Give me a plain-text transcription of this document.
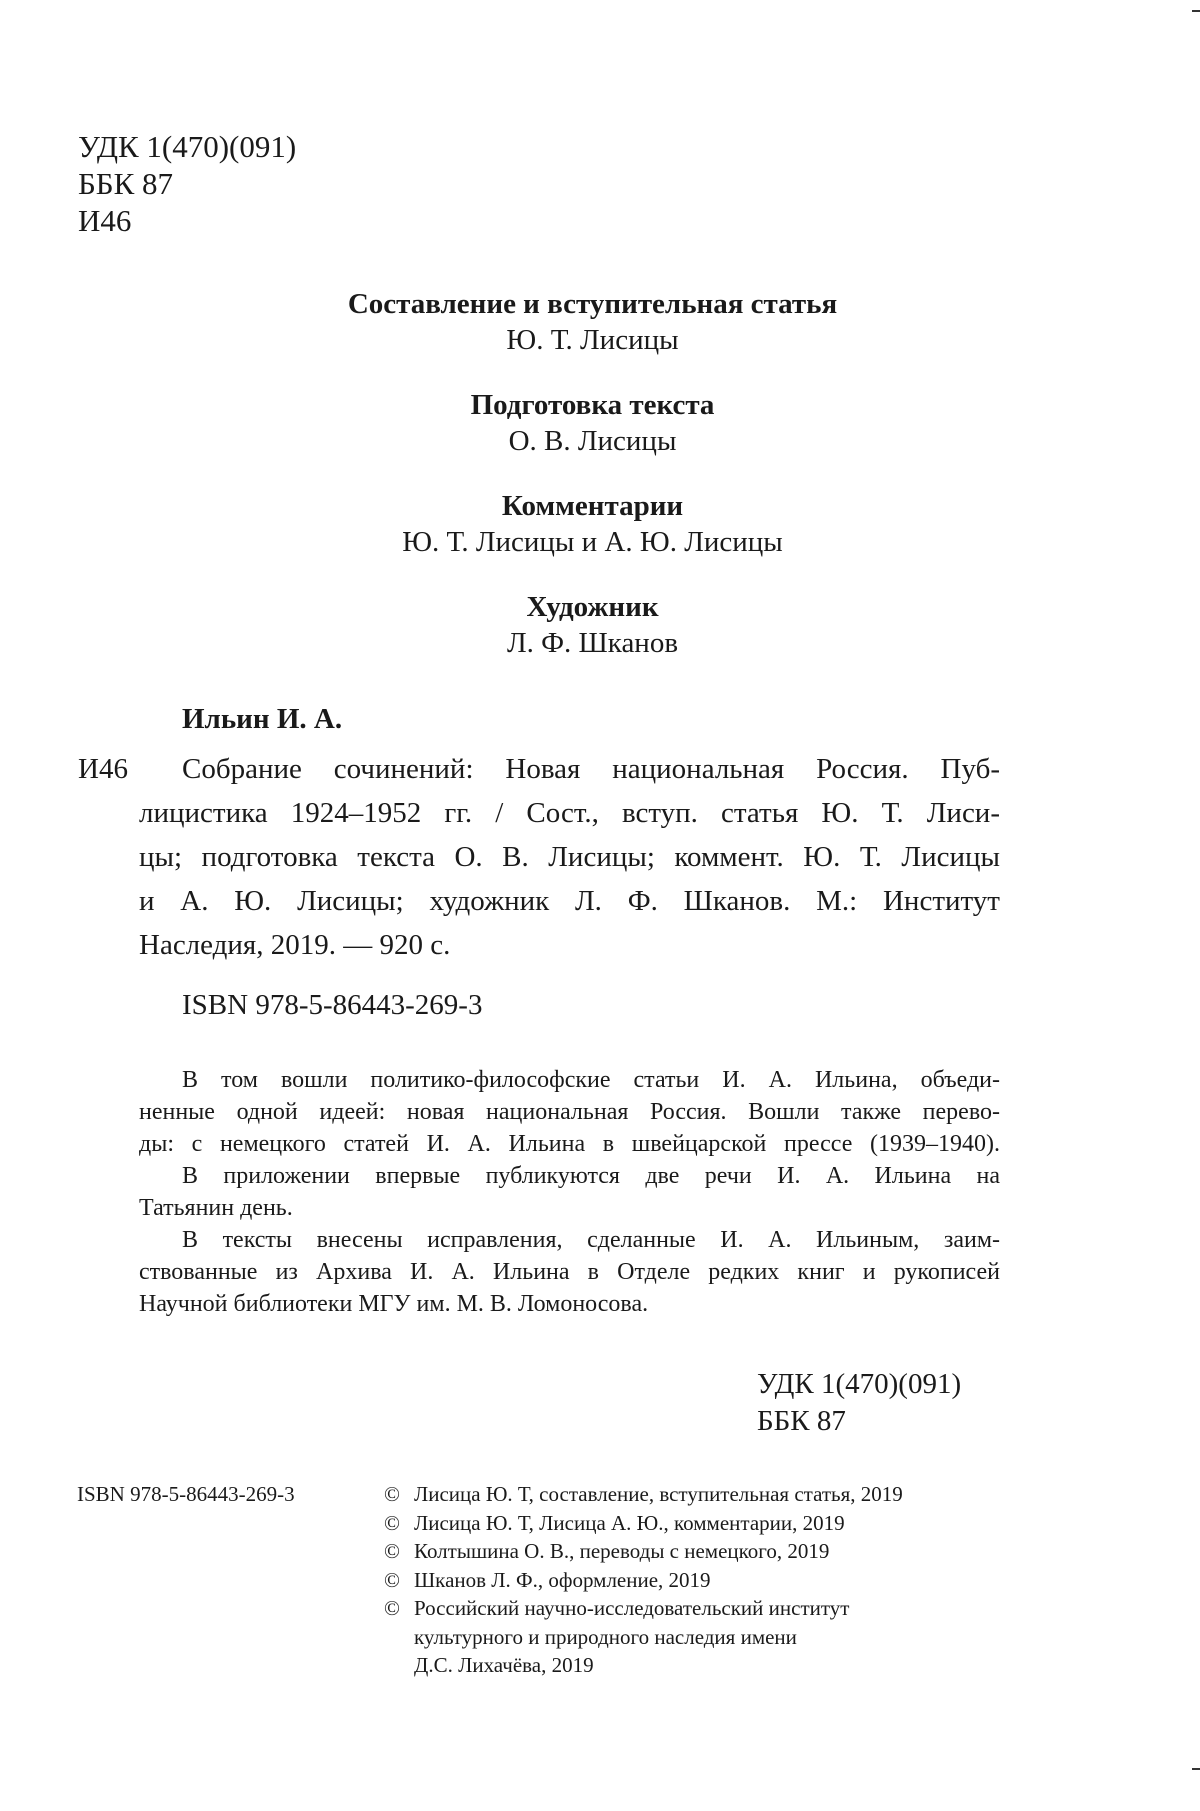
УДК 1(470)(091)
ББК 87
И46
Составление и вступительная статья
Ю. Т. Лисицы
Подготовка текста
О. В. Лисицы
Комментарии
Ю. Т. Лисицы и А. Ю. Лисицы
Художник
Л. Ф. Шканов
Ильин И. А.
И46	Собрание сочинений: Новая национальная Россия. Пуб-
лицистика 1924–1952 гг. / Сост., вступ. статья Ю. Т. Лиси-
цы; подготовка текста О. В. Лисицы; коммент. Ю. Т. Лисицы
и А. Ю. Лисицы; художник Л. Ф. Шканов. М.: Институт
Наследия, 2019. — 920 с.
ISBN 978-5-86443-269-3
В том вошли политико-философские статьи И. А. Ильина, объеди-
ненные одной идеей: новая национальная Россия. Вошли также перево-
ды: с немецкого статей И. А. Ильина в швейцарской прессе (1939–1940).
В приложении впервые публикуются две речи И. А. Ильина на
Татьянин день.
В тексты внесены исправления, сделанные И. А. Ильиным, заим-
ствованные из Архива И. А. Ильина в Отделе редких книг и рукописей
Научной библиотеки МГУ им. М. В. Ломоносова.
УДК 1(470)(091)
ББК 87
ISBN 978-5-86443-269-3	© Лисица Ю. Т, составление, вступительная статья, 2019
© Лисица Ю. Т, Лисица А. Ю., комментарии, 2019
© Колтышина О. В., переводы с немецкого, 2019
© Шканов Л. Ф., оформление, 2019
© Российский научно-исследовательский институт
культурного и природного наследия имени
Д.С. Лихачёва, 2019
